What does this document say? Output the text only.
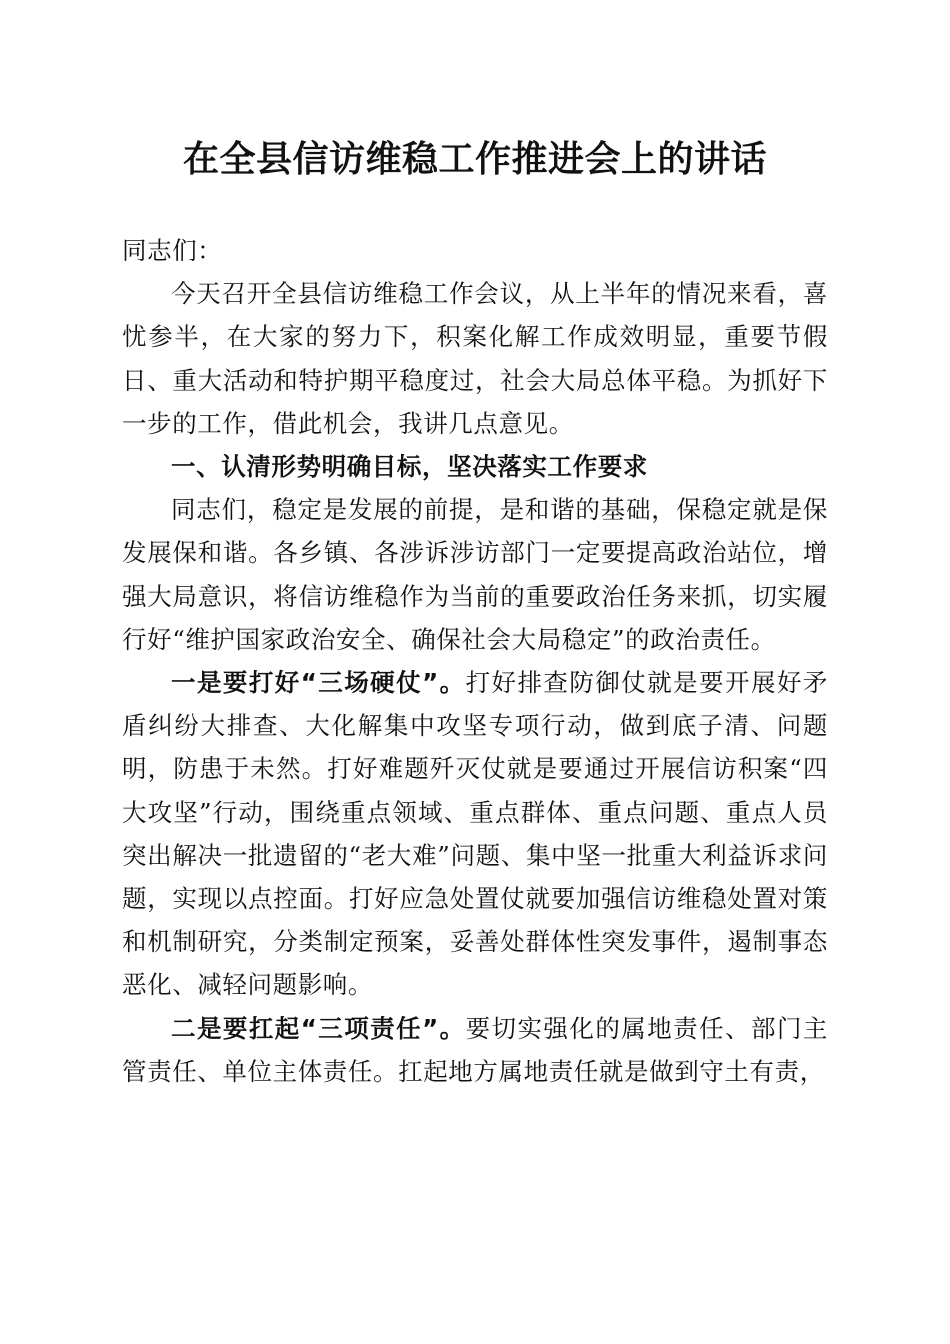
在全县信访维稳工作推进会上的讲话

同志们：

今天召开全县信访维稳工作会议，从上半年的情况来看，喜忧参半，在大家的努力下，积案化解工作成效明显，重要节假日、重大活动和特护期平稳度过，社会大局总体平稳。为抓好下一步的工作，借此机会，我讲几点意见。

一、认清形势明确目标，坚决落实工作要求

同志们，稳定是发展的前提，是和谐的基础，保稳定就是保发展保和谐。各乡镇、各涉诉涉访部门一定要提高政治站位，增强大局意识，将信访维稳作为当前的重要政治任务来抓，切实履行好“维护国家政治安全、确保社会大局稳定”的政治责任。

一是要打好“三场硬仗”。打好排查防御仗就是要开展好矛盾纠纷大排查、大化解集中攻坚专项行动，做到底子清、问题明，防患于未然。打好难题歼灭仗就是要通过开展信访积案“四大攻坚”行动，围绕重点领域、重点群体、重点问题、重点人员突出解决一批遗留的“老大难”问题、集中坚一批重大利益诉求问题，实现以点控面。打好应急处置仗就要加强信访维稳处置对策和机制研究，分类制定预案，妥善处群体性突发事件，遏制事态恶化、减轻问题影响。

二是要扛起“三项责任”。要切实强化的属地责任、部门主管责任、单位主体责任。扛起地方属地责任就是做到守土有责，
